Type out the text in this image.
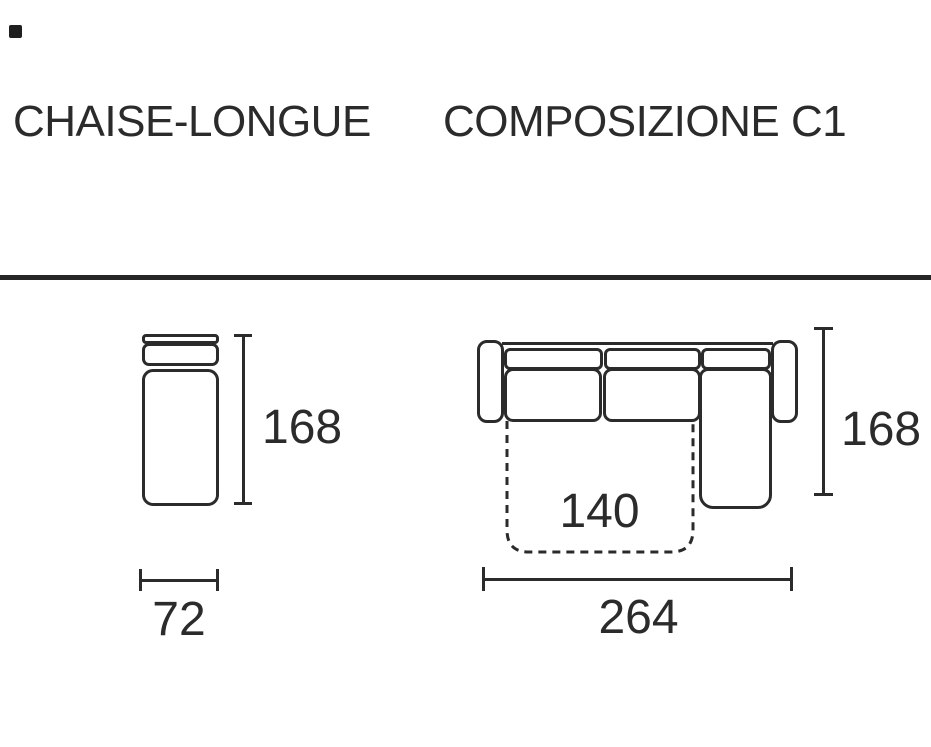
CHAISE-LONGUE COMPOSIZIONE C1
168
72
140
168
264
